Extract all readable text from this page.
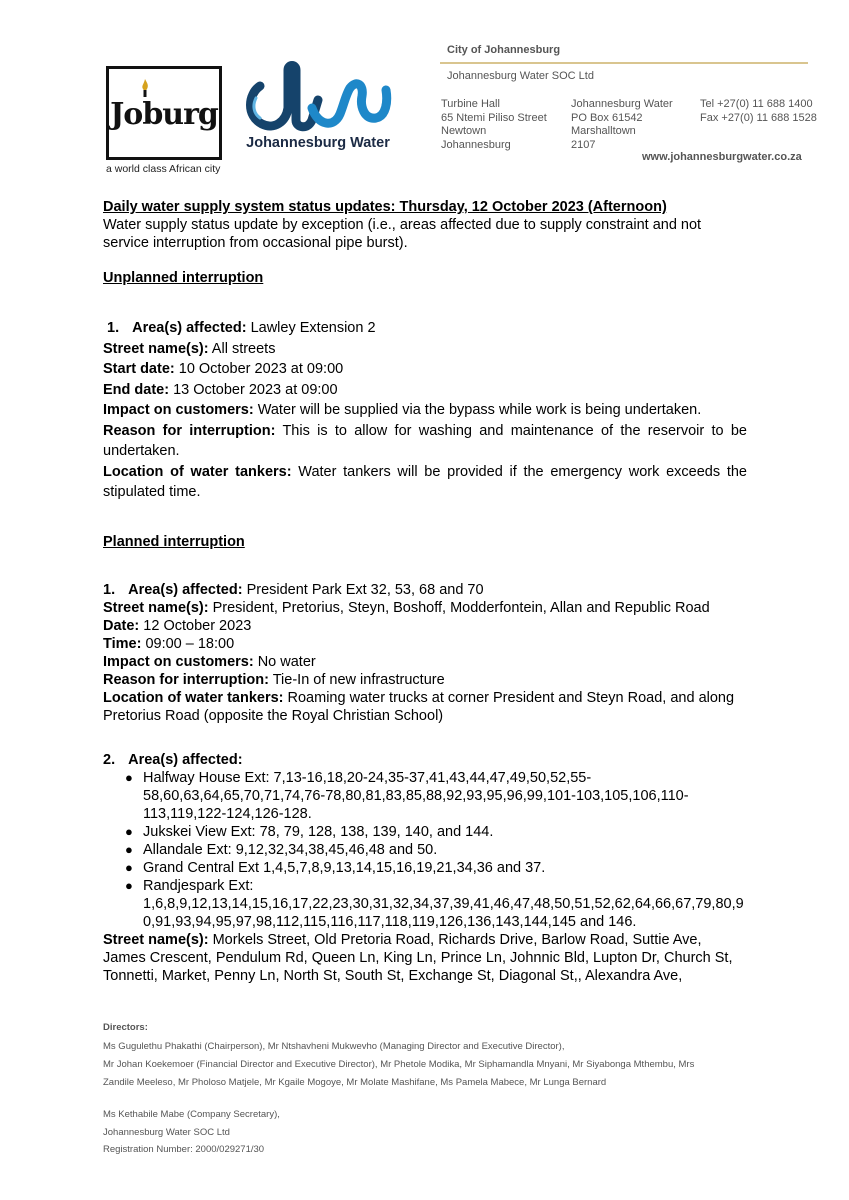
Joburg
a world class African city
Johannesburg Water
City of Johannesburg
Johannesburg Water SOC Ltd
Turbine Hall
65 Ntemi Piliso Street
Newtown
Johannesburg
Johannesburg Water
PO Box 61542
Marshalltown
2107
Tel +27(0) 11 688 1400
Fax +27(0) 11 688 1528
www.johannesburgwater.co.za
Daily water supply system status updates: Thursday, 12 October 2023 (Afternoon)

Water supply status update by exception (i.e., areas affected due to supply constraint and not service interruption from occasional pipe burst).

Unplanned interruption
1. Area(s) affected: Lawley Extension 2
Street name(s): All streets
Start date: 10 October 2023 at 09:00
End date: 13 October 2023 at 09:00
Impact on customers: Water will be supplied via the bypass while work is being undertaken.
Reason for interruption: This is to allow for washing and maintenance of the reservoir to be undertaken.
Location of water tankers: Water tankers will be provided if the emergency work exceeds the stipulated time.
Planned interruption
1. Area(s) affected: President Park Ext 32, 53, 68 and 70
Street name(s): President, Pretorius, Steyn, Boshoff, Modderfontein, Allan and Republic Road
Date: 12 October 2023
Time: 09:00 – 18:00
Impact on customers: No water
Reason for interruption: Tie-In of new infrastructure
Location of water tankers: Roaming water trucks at corner President and Steyn Road, and along Pretorius Road (opposite the Royal Christian School)
2. Area(s) affected:
● Halfway House Ext: 7,13-16,18,20-24,35-37,41,43,44,47,49,50,52,55-58,60,63,64,65,70,71,74,76-78,80,81,83,85,88,92,93,95,96,99,101-103,105,106,110-113,119,122-124,126-128.
● Jukskei View Ext: 78, 79, 128, 138, 139, 140, and 144.
● Allandale Ext: 9,12,32,34,38,45,46,48 and 50.
● Grand Central Ext 1,4,5,7,8,9,13,14,15,16,19,21,34,36 and 37.
● Randjespark Ext: 1,6,8,9,12,13,14,15,16,17,22,23,30,31,32,34,37,39,41,46,47,48,50,51,52,62,64,66,67,79,80,90,91,93,94,95,97,98,112,115,116,117,118,119,126,136,143,144,145 and 146.
Street name(s): Morkels Street, Old Pretoria Road, Richards Drive, Barlow Road, Suttie Ave, James Crescent, Pendulum Rd, Queen Ln, King Ln, Prince Ln, Johnnic Bld, Lupton Dr, Church St, Tonnetti, Market, Penny Ln, North St, South St, Exchange St, Diagonal St,, Alexandra Ave,
Directors:
Ms Gugulethu Phakathi (Chairperson), Mr Ntshavheni Mukwevho (Managing Director and Executive Director),
Mr Johan Koekemoer (Financial Director and Executive Director), Mr Phetole Modika, Mr Siphamandla Mnyani, Mr Siyabonga Mthembu, Mrs
Zandile Meeleso, Mr Pholoso Matjele, Mr Kgaile Mogoye, Mr Molate Mashifane, Ms Pamela Mabece, Mr Lunga Bernard
Ms Kethabile Mabe (Company Secretary),
Johannesburg Water SOC Ltd
Registration Number: 2000/029271/30
